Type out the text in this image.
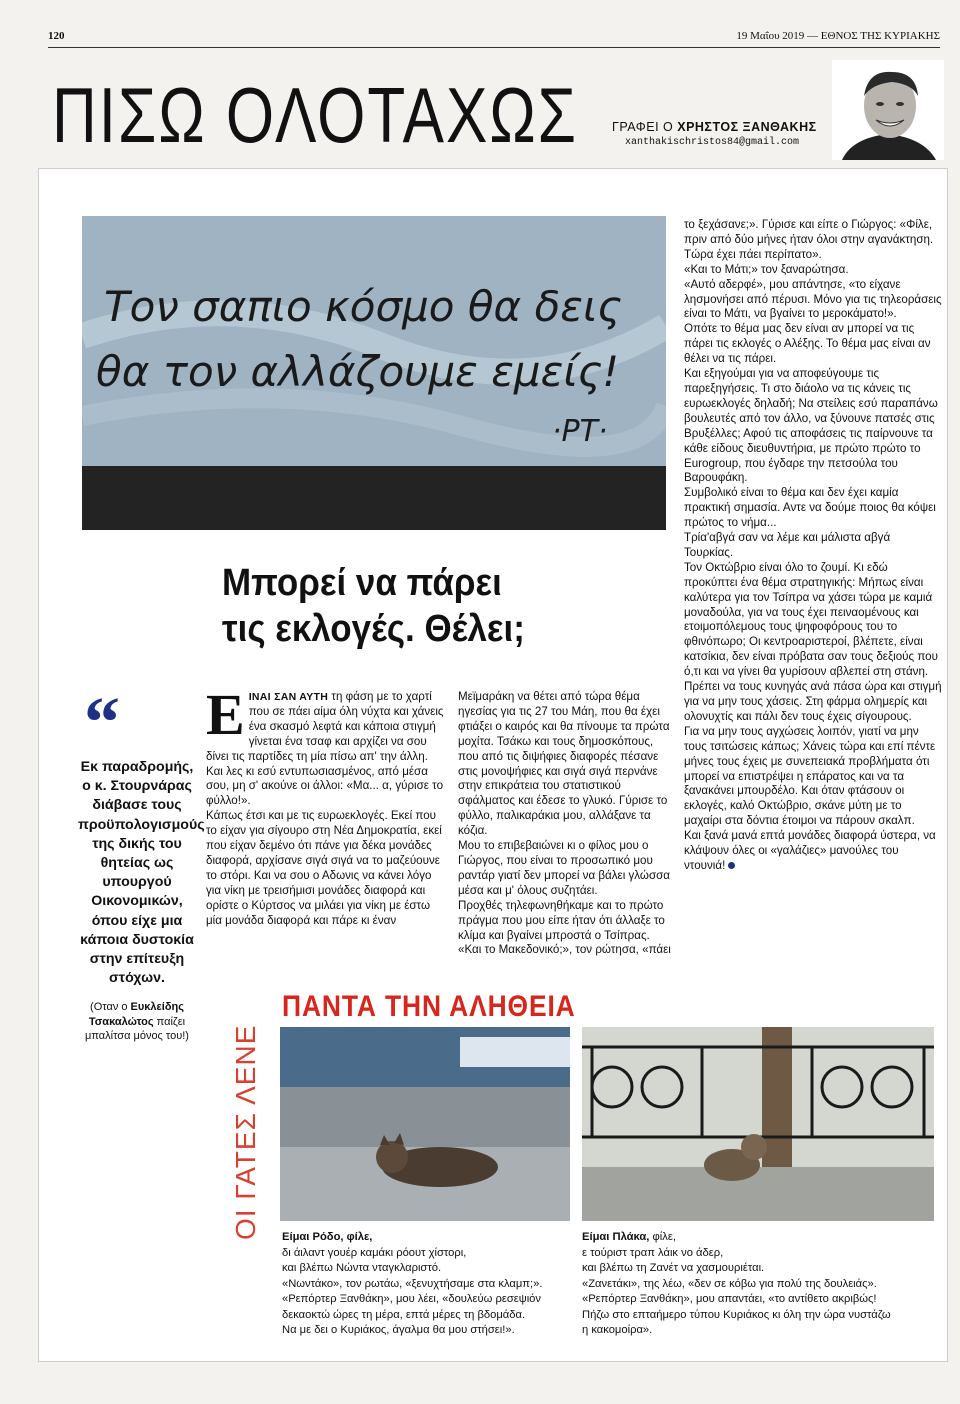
120	19 Μαΐου 2019 — ΕΘΝΟΣ ΤΗΣ ΚΥΡΙΑΚΗΣ
ΠΙΣΩ ΟΛΟΤΑΧΩΣ	ΓΡΑΦΕΙ Ο ΧΡΗΣΤΟΣ ΞΑΝΘΑΚΗΣ
xanthakischristos84@gmail.com
Τον σαπιο κόσμο θα δεις
θα τον αλλάζουμε εμείς!
·ΡΤ·
Μπορεί να πάρει
τις εκλογές. Θέλει;
“
Εκ παραδρομής, ο κ. Στουρνάρας διάβασε τους προϋπολογισμούς της δικής του θητείας ως υπουργού Οικονομικών, όπου είχε μια κάποια δυστοκία στην επίτευξη στόχων.
(Οταν ο Ευκλείδης Τσακαλώτος παίζει μπαλίτσα μόνος του!)

ΕΙΝΑΙ ΣΑΝ ΑΥΤΗ τη φάση με το χαρτί που σε πάει αίμα όλη νύχτα και χάνεις ένα σκασμό λεφτά και κάποια στιγμή γίνεται ένα τσαφ και αρχίζει να σου δίνει τις παρτίδες τη μία πίσω απ' την άλλη. Και λες κι εσύ εντυπωσιασμένος, από μέσα σου, μη σ' ακούνε οι άλλοι: «Μα... α, γύρισε το φύλλο!».

Κάπως έτσι και με τις ευρωεκλογές. Εκεί που το είχαν για σίγουρο στη Νέα Δημοκρατία, εκεί που είχαν δεμένο ότι πάνε για δέκα μονάδες διαφορά, αρχίσανε σιγά σιγά να το μαζεύουνε το στόρι. Και να σου ο Αδωνις να κάνει λόγο για νίκη με τρεισήμισι μονάδες διαφορά και ορίστε ο Κύρτσος να μιλάει για νίκη με έστω μία μονάδα διαφορά και πάρε κι έναν

Μεϊμαράκη να θέτει από τώρα θέμα ηγεσίας για τις 27 του Μάη, που θα έχει φτιάξει ο καιρός και θα πίνουμε τα πρώτα μοχίτα. Τσάκω και τους δημοσκόπους, που από τις διψήφιες διαφορές πέσανε στις μονοψήφιες και σιγά σιγά περνάνε στην επικράτεια του στατιστικού σφάλματος και έδεσε το γλυκό. Γύρισε το φύλλο, παλικαράκια μου, αλλάξανε τα κόζια.

Μου το επιβεβαιώνει κι ο φίλος μου ο Γιώργος, που είναι το προσωπικό μου ραντάρ γιατί δεν μπορεί να βάλει γλώσσα μέσα και μ' όλους συζητάει.

Προχθές τηλεφωνηθήκαμε και το πρώτο πράγμα που μου είπε ήταν ότι άλλαξε το κλίμα και βγαίνει μπροστά ο Τσίπρας.

«Και το Μακεδονικό;», τον ρώτησα, «πάει

το ξεχάσανε;». Γύρισε και είπε ο Γιώργος: «Φίλε, πριν από δύο μήνες ήταν όλοι στην αγανάκτηση. Τώρα έχει πάει περίπατο».

«Και το Μάτι;» τον ξαναρώτησα.

«Αυτό αδερφέ», μου απάντησε, «το είχανε λησμονήσει από πέρυσι. Μόνο για τις τηλεοράσεις είναι το Μάτι, να βγαίνει το μεροκάματο!».

Οπότε το θέμα μας δεν είναι αν μπορεί να τις πάρει τις εκλογές ο Αλέξης. Το θέμα μας είναι αν θέλει να τις πάρει.

Και εξηγούμαι για να αποφεύγουμε τις παρεξηγήσεις. Τι στο διάολο να τις κάνεις τις ευρωεκλογές δηλαδή; Να στείλεις εσύ παραπάνω βουλευτές από τον άλλο, να ξύνουνε πατσές στις Βρυξέλλες; Αφού τις αποφάσεις τις παίρνουνε τα κάθε είδους διευθυντήρια, με πρώτο πρώτο το Eurogroup, που έγδαρε την πετσούλα του Βαρουφάκη.

Συμβολικό είναι το θέμα και δεν έχει καμία πρακτική σημασία. Αντε να δούμε ποιος θα κόψει πρώτος το νήμα...

Τρία'αβγά σαν να λέμε και μάλιστα αβγά Τουρκίας.

Τον Οκτώβριο είναι όλο το ζουμί. Κι εδώ προκύπτει ένα θέμα στρατηγικής: Μήπως είναι καλύτερα για τον Τσίπρα να χάσει τώρα με καμιά μοναδούλα, για να τους έχει πειναομένους και ετοιμοπόλεμους τους ψηφοφόρους του το φθινόπωρο; Οι κεντροαριστεροί, βλέπετε, είναι κατσίκια, δεν είναι πρόβατα σαν τους δεξιούς που ό,τι και να γίνει θα γυρίσουν αβλεπεί στη στάνη. Πρέπει να τους κυνηγάς ανά πάσα ώρα και στιγμή για να μην τους χάσεις. Στη φάρμα ολημερίς και ολονυχτίς και πάλι δεν τους έχεις σίγουρους.

Για να μην τους αγχώσεις λοιπόν, γιατί να μην τους τσιτώσεις κάπως; Χάνεις τώρα και επί πέντε μήνες τους έχεις με συνεπειακά προβλήματα ότι μπορεί να επιστρέψει η επάρατος και να τα ξανακάνει μπουρδέλο. Και όταν φτάσουν οι εκλογές, καλό Οκτώβριο, σκάνε μύτη με το μαχαίρι στα δόντια έτοιμοι να πάρουν σκαλπ.

Και ξανά μανά επτά μονάδες διαφορά ύστερα, να κλάψουν όλες οι «γαλάζιες» μανούλες του ντουνιά!

ΟΙ ΓΑΤΕΣ ΛΕΝΕ
ΠΑΝΤΑ ΤΗΝ ΑΛΗΘΕΙΑ
Είμαι Ρόδο, φίλε,
δι άιλαντ γουέρ καμάκι ρόουτ χίστορι,
και βλέπω Νώντα νταγκλαριστό.
«Νωντάκο», τον ρωτάω, «ξενυχτήσαμε στα κλαμπ;».
«Ρεπόρτερ Ξανθάκη», μου λέει, «δουλεύω ρεσεψιόν
δεκαοκτώ ώρες τη μέρα, επτά μέρες τη βδομάδα.
Να με δει ο Κυριάκος, άγαλμα θα μου στήσει!».
Είμαι Πλάκα, φίλε,
ε τούριστ τραπ λάικ νο άδερ,
και βλέπω τη Ζανέτ να χασμουριέται.
«Ζανετάκι», της λέω, «δεν σε κόβω για πολύ της δουλειάς».
«Ρεπόρτερ Ξανθάκη», μου απαντάει, «το αντίθετο ακριβώς!
Πήζω στο επταήμερο τύπου Κυριάκος κι όλη την ώρα νυστάζω
η κακομοίρα».
